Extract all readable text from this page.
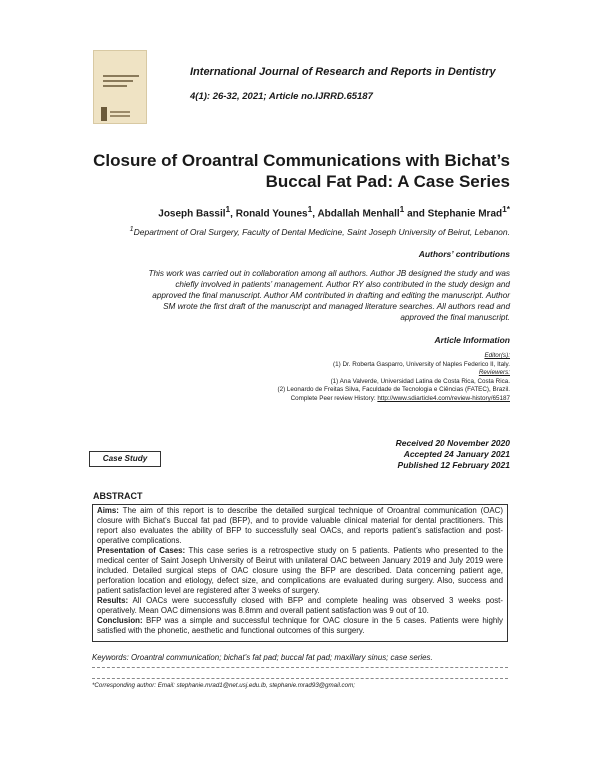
International Journal of Research and Reports in Dentistry
4(1): 26-32, 2021; Article no.IJRRD.65187
Closure of Oroantral Communications with Bichat’s
Buccal Fat Pad: A Case Series
Joseph Bassil$^1$, Ronald Younes$^1$, Abdallah Menhall$^1$ and Stephanie Mrad$^{1*}$
$^1$Department of Oral Surgery, Faculty of Dental Medicine, Saint Joseph University of Beirut, Lebanon.
Authors’ contributions
This work was carried out in collaboration among all authors. Author JB designed the study and was
chiefly involved in patients’ management. Author RY also contributed in the study design and
approved the final manuscript. Author AM contributed in drafting and editing the manuscript. Author
SM wrote the first draft of the manuscript and managed literature searches. All authors read and
approved the final manuscript.
Article Information
Editor(s):
(1) Dr. Roberta Gasparro, University of Naples Federico II, Italy.
Reviewers:
(1) Ana Valverde, Universidad Latina de Costa Rica, Costa Rica.
(2) Leonardo de Freitas Silva, Faculdade de Tecnologia e Ciências (FATEC), Brazil.
Complete Peer review History: http://www.sdiarticle4.com/review-history/65187
Received 20 November 2020
Accepted 24 January 2021
Published 12 February 2021
Case Study
ABSTRACT

Aims: The aim of this report is to describe the detailed surgical technique of Oroantral communication (OAC) closure with Bichat’s Buccal fat pad (BFP), and to provide valuable clinical material for dental practitioners. This report also evaluates the ability of BFP to successfully seal OACs, and reports patient’s satisfaction and post-operative complications.

Presentation of Cases: This case series is a retrospective study on 5 patients. Patients who presented to the medical center of Saint Joseph University of Beirut with unilateral OAC between January 2019 and July 2019 were included. Detailed surgical steps of OAC closure using the BFP are described. Data concerning patient age, perforation location and etiology, defect size, and complications are evaluated during surgery. Also, success and patient satisfaction level are registered after 3 weeks of surgery.

Results: All OACs were successfully closed with BFP and complete healing was observed 3 weeks post-operatively. Mean OAC dimensions was 8.8mm and overall patient satisfaction was 9 out of 10.

Conclusion: BFP was a simple and successful technique for OAC closure in the 5 cases. Patients were highly satisfied with the phonetic, aesthetic and functional outcomes of this surgery.

Keywords: Oroantral communication; bichat’s fat pad; buccal fat pad; maxillary sinus; case series.
*Corresponding author: Email: stephanie.mrad1@net.usj.edu.lb, stephanie.mrad93@gmail.com;
